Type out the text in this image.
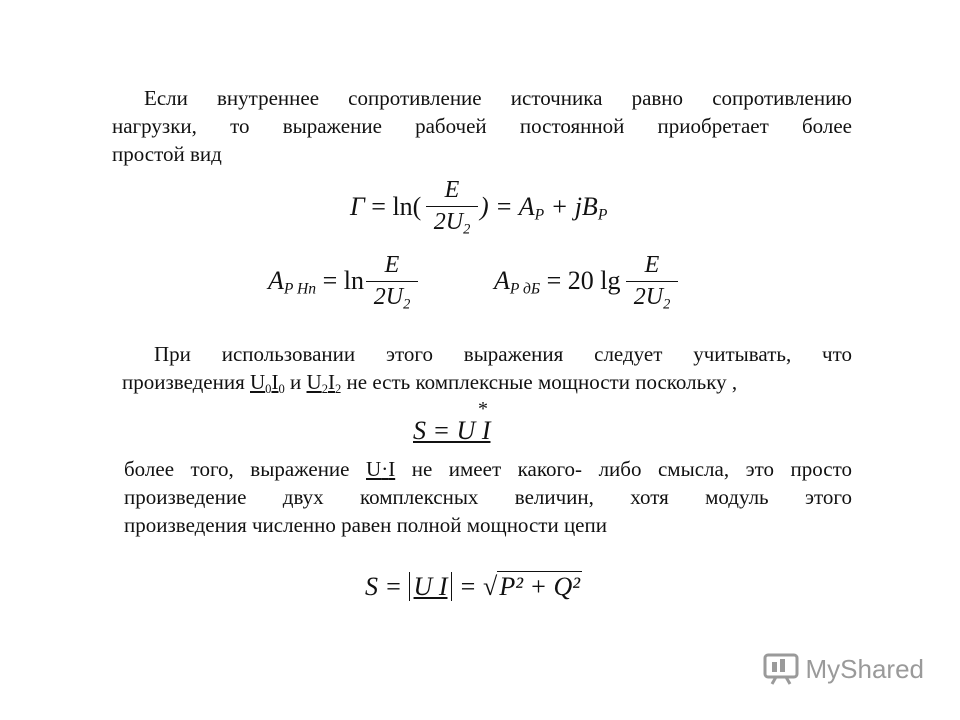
Если внутреннее сопротивление источника равно сопротивлению
нагрузки, то выражение рабочей постоянной приобретает более
простой вид
Г = ln(
E
$2U_2$
) = $A_P + jB_P$
$A_{P Нп} = \ln$
E
$2U_2$
$A_{P дБ} = 20$ lg
E
$2U_2$
При использовании этого выражения следует учитывать, что
произведения $U_0I_0$ и $U_2I_2$ не есть комплексные мощности поскольку ,
S = U I
*
более того, выражение U·I не имеет какого- либо смысла, это просто
произведение двух комплексных величин, хотя модуль этого
произведения численно равен полной мощности цепи
S = U I = √P² + Q²
MyShared
